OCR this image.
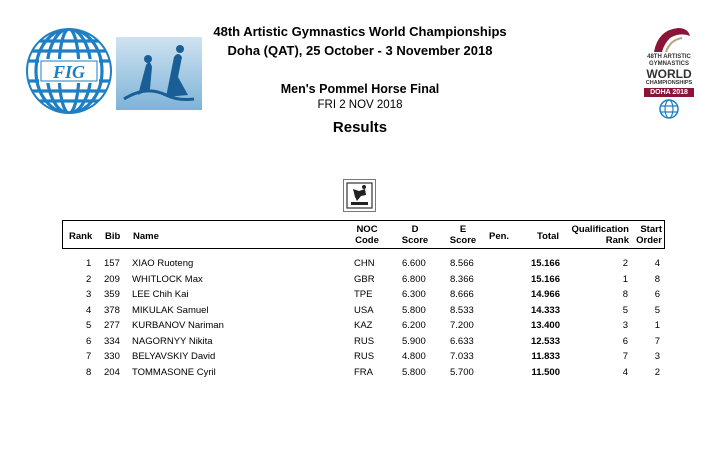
FIG
48th Artistic Gymnastics World Championships
Doha (QAT), 25 October - 3 November 2018
Men's Pommel Horse Final
FRI 2 NOV 2018
Results
48TH ARTISTIC
GYMNASTICS
WORLD
CHAMPIONSHIPS
DOHA 2018
Rank Bib Name
NOC
Code
D
Score
E
Score	Pen.	Total
Qualification
Rank
Start
Order
1 157 XIAO Ruoteng	CHN	6.600	8.566	15.166	2	4
2 209 WHITLOCK Max	GBR	6.800	8.366	15.166	1	8
3 359 LEE Chih Kai	TPE	6.300	8.666	14.966	8	6
4 378 MIKULAK Samuel	USA	5.800	8.533	14.333	5	5
5 277 KURBANOV Nariman	KAZ	6.200	7.200	13.400	3	1
6 334 NAGORNYY Nikita	RUS	5.900	6.633	12.533	6	7
7 330 BELYAVSKIY David	RUS	4.800	7.033	11.833	7	3
8 204 TOMMASONE Cyril	FRA	5.800	5.700	11.500	4	2
